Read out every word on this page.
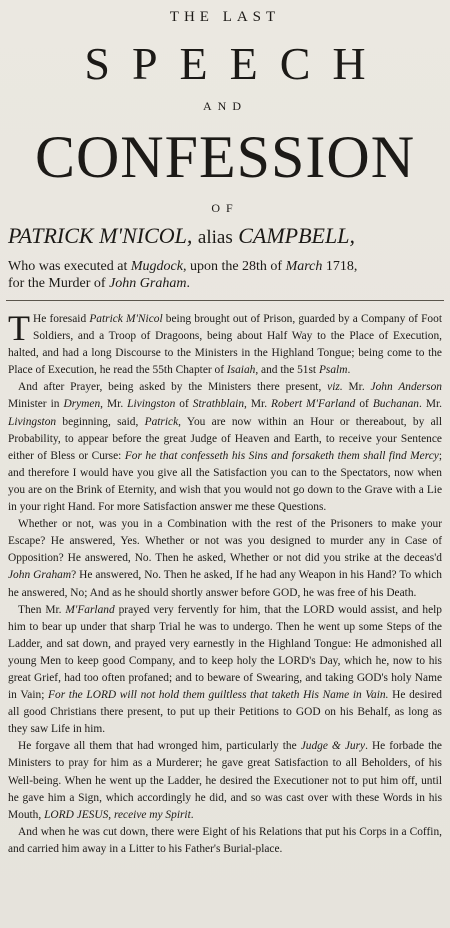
THE LAST
SPEECH
AND
CONFESSION
OF
PATRICK M'NICOL, alias CAMPBELL,
Who was executed at Mugdock, upon the 28th of March 1718,
for the Murder of John Graham.

T He foresaid Patrick M'Nicol being brought out of Prison, guarded by a Company of Foot Soldiers, and a Troop of Dragoons, being about Half Way to the Place of Execution, halted, and had a long Discourse to the Ministers in the Highland Tongue; being come to the Place of Execution, he read the 55th Chapter of Isaiah, and the 51st Psalm.

And after Prayer, being asked by the Ministers there present, viz. Mr. John Anderson Minister in Drymen, Mr. Livingston of Strathblain, Mr. Robert M'Farland of Buchanan. Mr. Livingston beginning, said, Patrick, You are now within an Hour or thereabout, by all Probability, to appear before the great Judge of Heaven and Earth, to receive your Sentence either of Bless or Curse: For he that confesseth his Sins and forsaketh them shall find Mercy; and therefore I would have you give all the Satisfaction you can to the Spectators, now when you are on the Brink of Eternity, and wish that you would not go down to the Grave with a Lie in your right Hand. For more Satisfaction answer me these Questions.

Whether or not, was you in a Combination with the rest of the Prisoners to make your Escape? He answered, Yes. Whether or not was you designed to murder any in Case of Opposition? He answered, No. Then he asked, Whether or not did you strike at the deceas'd John Graham? He answered, No. Then he asked, If he had any Weapon in his Hand? To which he answered, No; And as he should shortly answer before GOD, he was free of his Death.

Then Mr. M'Farland prayed very fervently for him, that the LORD would assist, and help him to bear up under that sharp Trial he was to undergo. Then he went up some Steps of the Ladder, and sat down, and prayed very earnestly in the Highland Tongue: He admonished all young Men to keep good Company, and to keep holy the LORD's Day, which he, now to his great Grief, had too often profaned; and to beware of Swearing, and taking GOD's holy Name in Vain; For the LORD will not hold them guiltless that taketh His Name in Vain. He desired all good Christians there present, to put up their Petitions to GOD on his Behalf, as long as they saw Life in him.

He forgave all them that had wronged him, particularly the Judge & Jury. He forbade the Ministers to pray for him as a Murderer; he gave great Satisfaction to all Beholders, of his Well-being. When he went up the Ladder, he desired the Executioner not to put him off, until he gave him a Sign, which accordingly he did, and so was cast over with these Words in his Mouth, LORD JESUS, receive my Spirit.

And when he was cut down, there were Eight of his Relations that put his Corps in a Coffin, and carried him away in a Litter to his Father's Burial-place.
